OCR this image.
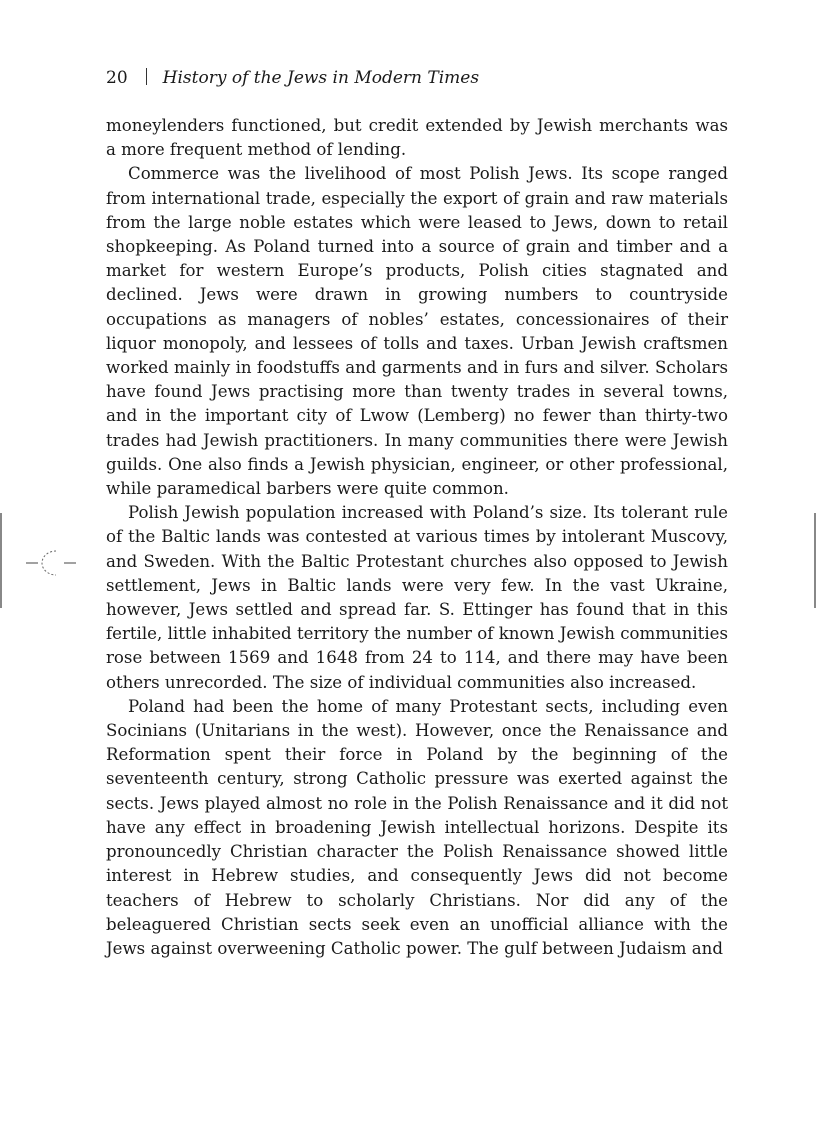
20 History of the Jews in Modern Times

moneylenders functioned, but credit extended by Jewish merchants was a more frequent method of lending.

Commerce was the livelihood of most Polish Jews. Its scope ranged from international trade, especially the export of grain and raw materials from the large noble estates which were leased to Jews, down to retail shopkeeping. As Poland turned into a source of grain and timber and a market for western Europe’s products, Polish cities stagnated and declined. Jews were drawn in growing numbers to countryside occupations as managers of nobles’ estates, concessionaires of their liquor monopoly, and lessees of tolls and taxes. Urban Jewish craftsmen worked mainly in foodstuffs and garments and in furs and silver. Scholars have found Jews practising more than twenty trades in several towns, and in the important city of Lwow (Lemberg) no fewer than thirty-two trades had Jewish practitioners. In many communities there were Jewish guilds. One also finds a Jewish physician, engineer, or other professional, while paramedical barbers were quite common.

Polish Jewish population increased with Poland’s size. Its tolerant rule of the Baltic lands was contested at various times by intolerant Muscovy, and Sweden. With the Baltic Protestant churches also opposed to Jewish settlement, Jews in Baltic lands were very few. In the vast Ukraine, however, Jews settled and spread far. S. Ettinger has found that in this fertile, little inhabited territory the number of known Jewish communities rose between 1569 and 1648 from 24 to 114, and there may have been others unrecorded. The size of individual communities also increased.

Poland had been the home of many Protestant sects, including even Socinians (Unitarians in the west). However, once the Renaissance and Reformation spent their force in Poland by the beginning of the seventeenth century, strong Catholic pressure was exerted against the sects. Jews played almost no role in the Polish Renaissance and it did not have any effect in broadening Jewish intellectual horizons. Despite its pronouncedly Christian character the Polish Renaissance showed little interest in Hebrew studies, and consequently Jews did not become teachers of Hebrew to scholarly Christians. Nor did any of the beleaguered Christian sects seek even an unofficial alliance with the Jews against overweening Catholic power. The gulf between Judaism and
